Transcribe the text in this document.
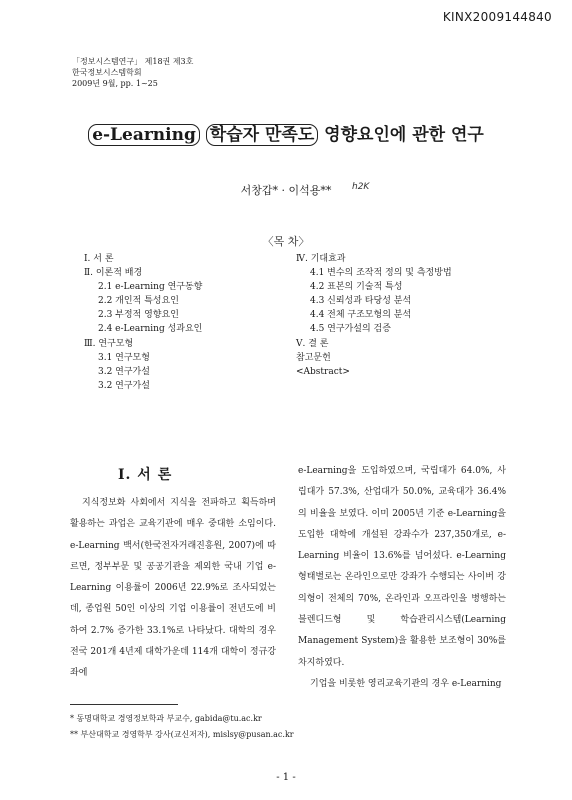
KINX2009144840
「정보시스템연구」 제18권 제3호
한국정보시스템학회
2009년 9월, pp. 1~25
e-Learning 학습자 만족도 영향요인에 관한 연구
서창갑* · 이석용**	h2K
〈목 차〉
Ⅰ. 서 론
Ⅱ. 이론적 배경
2.1 e-Learning 연구동향
2.2 개인적 특성요인
2.3 부정적 영향요인
2.4 e-Learning 성과요인
Ⅲ. 연구모형
3.1 연구모형
3.2 연구가설
3.2 연구가설
Ⅳ. 기대효과
4.1 변수의 조작적 정의 및 측정방법
4.2 표본의 기술적 특성
4.3 신뢰성과 타당성 분석
4.4 전체 구조모형의 분석
4.5 연구가설의 검증
Ⅴ. 결 론
참고문헌
<Abstract>
Ⅰ. 서 론
지식정보화 사회에서 지식을 전파하고 획득하며 활용하는 과업은 교육기관에 매우 중대한 소임이다. e-Learning 백서(한국전자거래진흥원, 2007)에 따르면, 정부부문 및 공공기관을 제외한 국내 기업 e-Learning 이용률이 2006년 22.9%로 조사되었는데, 종업원 50인 이상의 기업 이용률이 전년도에 비하여 2.7% 증가한 33.1%로 나타났다. 대학의 경우 전국 201개 4년제 대학가운데 114개 대학이 정규강좌에
e-Learning을 도입하였으며, 국립대가 64.0%, 사립대가 57.3%, 산업대가 50.0%, 교육대가 36.4%의 비율을 보였다. 이미 2005년 기준 e-Learning을 도입한 대학에 개설된 강좌수가 237,350개로, e-Learning 비율이 13.6%를 넘어섰다. e-Learning 형태별로는 온라인으로만 강좌가 수행되는 사이버 강의형이 전체의 70%, 온라인과 오프라인을 병행하는 블렌디드형 및 학습관리시스템(Learning Management System)을 활용한 보조형이 30%를 차지하였다.
기업을 비롯한 영리교육기관의 경우 e-Learning
* 동명대학교 경영정보학과 부교수, gabida@tu.ac.kr
** 부산대학교 경영학부 강사(교신저자), mislsy@pusan.ac.kr
- 1 -
